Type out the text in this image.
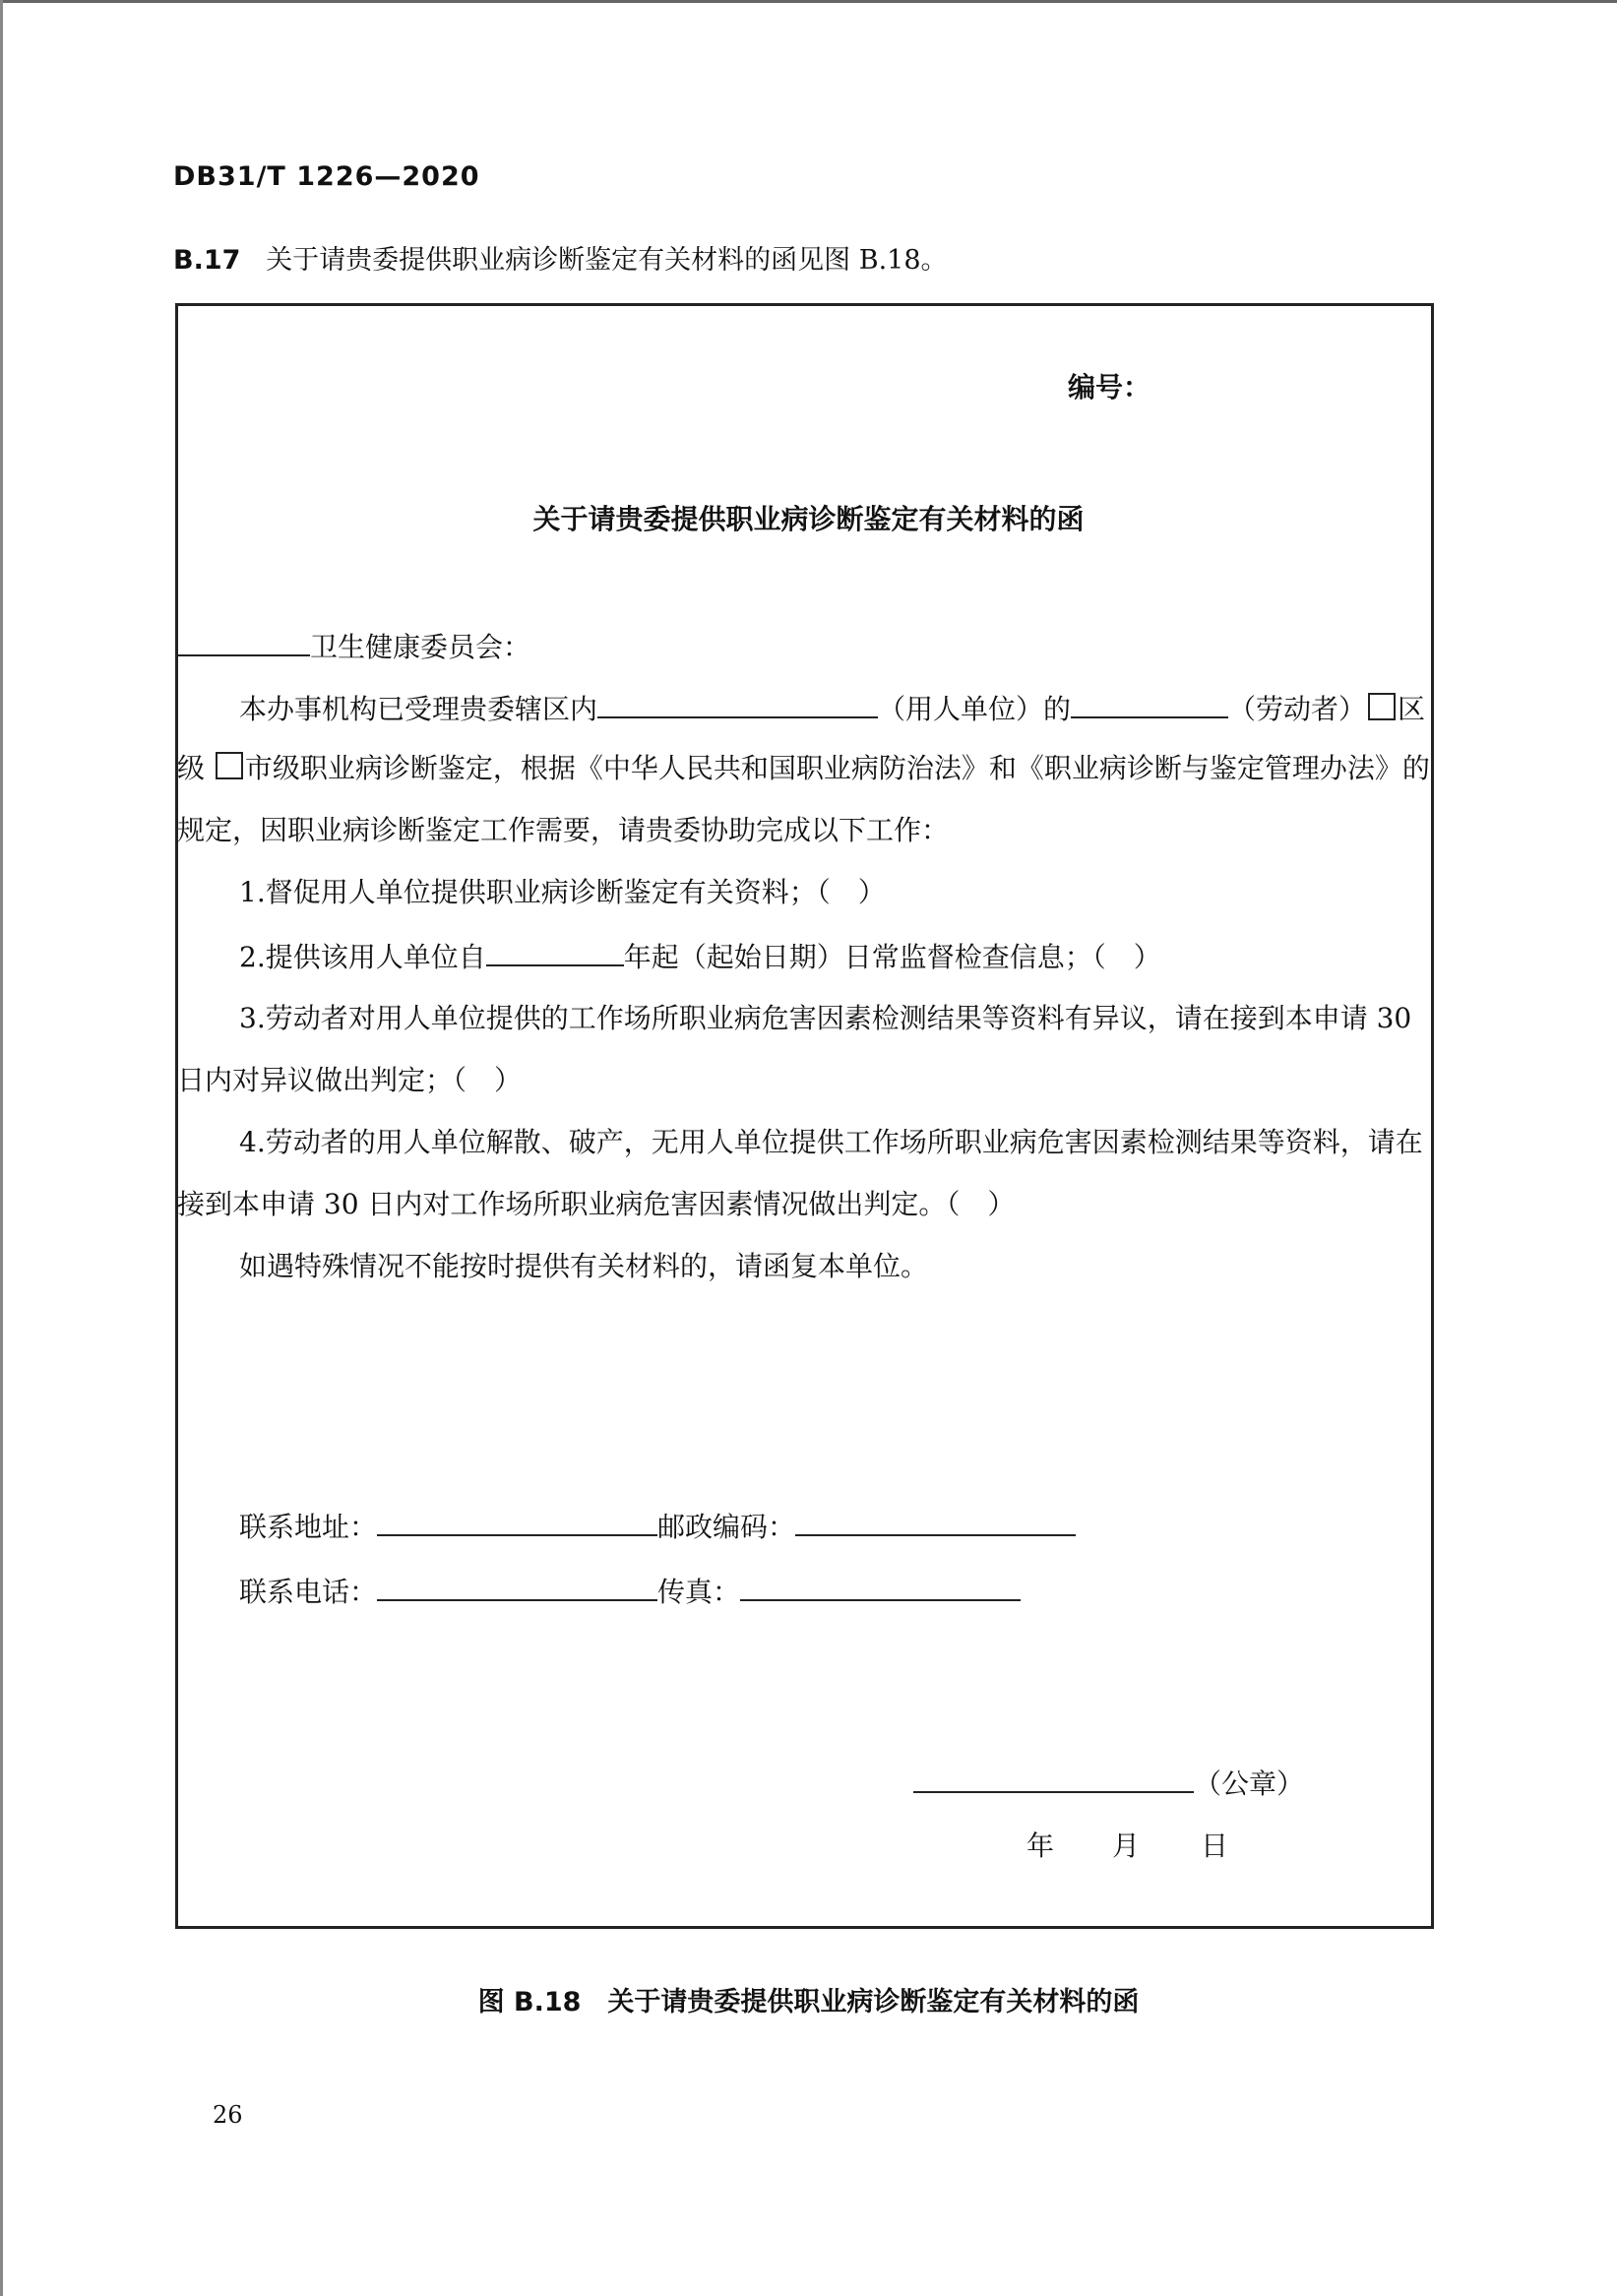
DB31/T 1226—2020
B.17 关于请贵委提供职业病诊断鉴定有关材料的函见图 B.18。
编号：
关于请贵委提供职业病诊断鉴定有关材料的函
卫生健康委员会：
本办事机构已受理贵委辖区内	（用人单位）的	（劳动者） 区
级 市级职业病诊断鉴定，根据《中华人民共和国职业病防治法》和《职业病诊断与鉴定管理办法》的
规定，因职业病诊断鉴定工作需要，请贵委协助完成以下工作：
1.督促用人单位提供职业病诊断鉴定有关资料；（　）
2.提供该用人单位自	年起（起始日期）日常监督检查信息；（　）
3.劳动者对用人单位提供的工作场所职业病危害因素检测结果等资料有异议，请在接到本申请 30
日内对异议做出判定；（　）
4.劳动者的用人单位解散、破产，无用人单位提供工作场所职业病危害因素检测结果等资料，请在
接到本申请 30 日内对工作场所职业病危害因素情况做出判定。（　）
如遇特殊情况不能按时提供有关材料的，请函复本单位。
联系地址：	邮政编码：
联系电话：	传真：
（公章）
年 月 日
图 B.18　关于请贵委提供职业病诊断鉴定有关材料的函
26
